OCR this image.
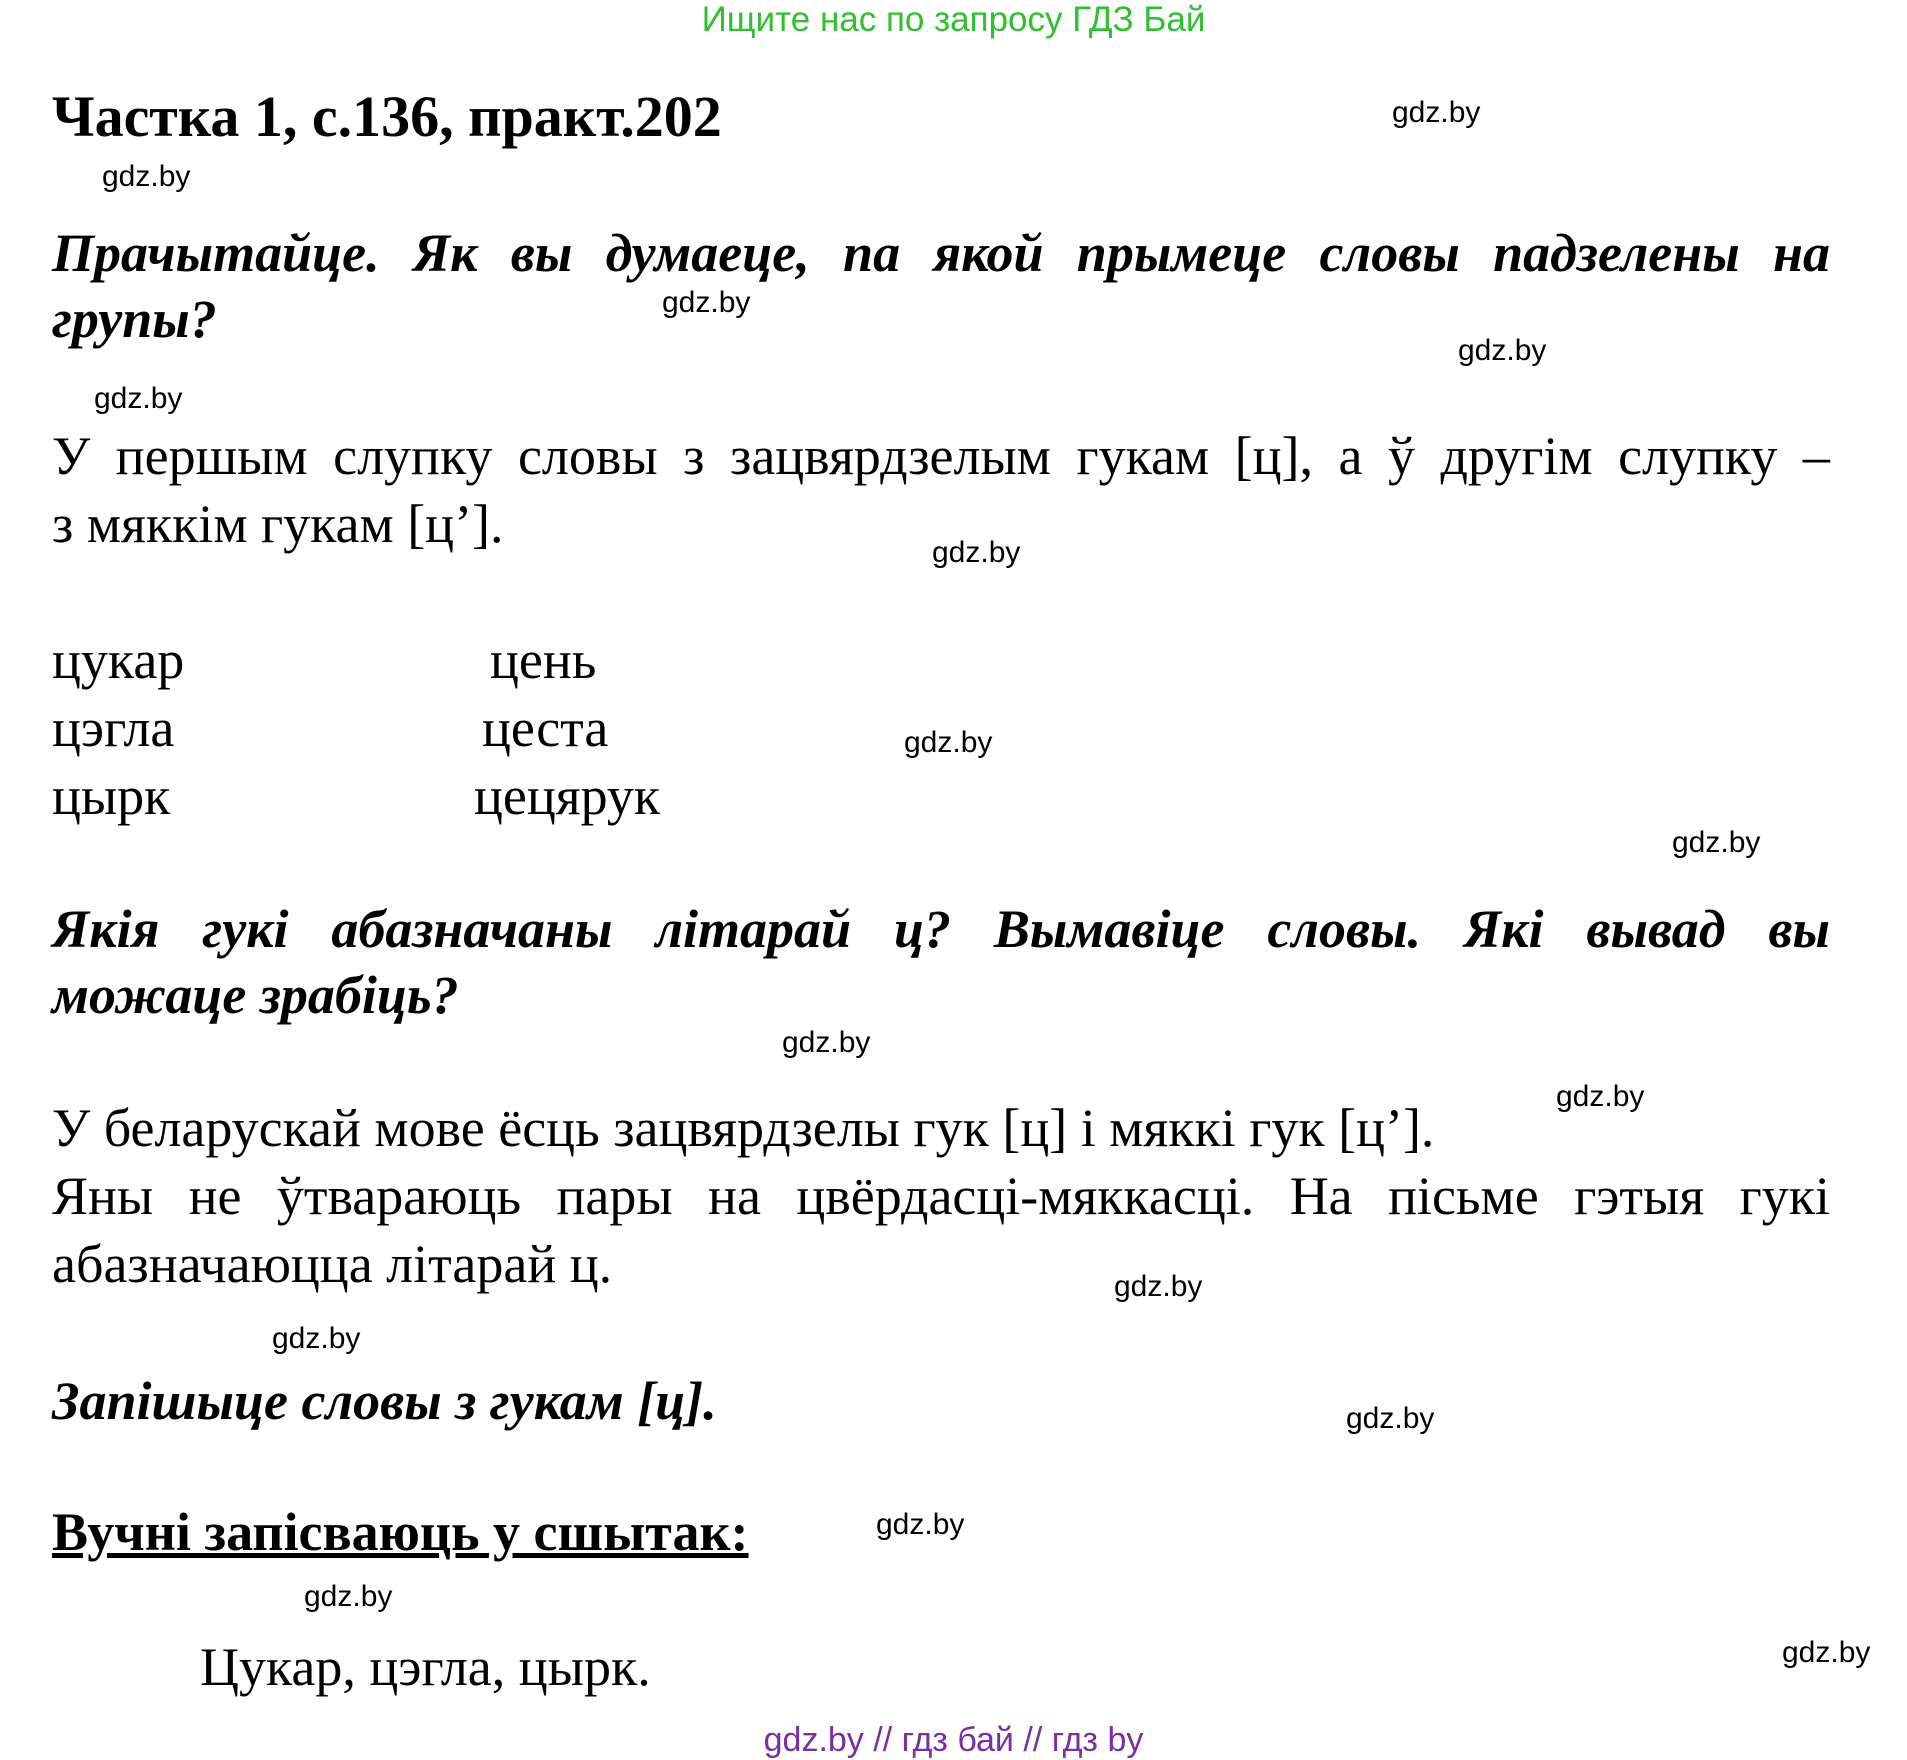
Ищите нас по запросу ГДЗ Бай
Частка 1, с.136, практ.202
Прачытайце. Як вы думаеце, па якой прымеце словы падзелены на
групы?
У першым слупку словы з зацвярдзелым гукам [ц], а ў другім слупку –
з мяккім гукам [ц’].
цукар
цэгла
цырк
цень
цеста
цецярук
Якія гукі абазначаны літарай ц? Вымавіце словы. Які вывад вы
можаце зрабіць?
У беларускай мове ёсць зацвярдзелы гук [ц] і мяккі гук [ц’].
Яны не ўтвараюць пары на цвёрдасці-мяккасці. На пісьме гэтыя гукі
абазначаюцца літарай ц.
Запішыце словы з гукам [ц].
Вучні запісваюць у сшытак:
Цукар, цэгла, цырк.
gdz.by
gdz.by
gdz.by
gdz.by
gdz.by
gdz.by
gdz.by
gdz.by
gdz.by
gdz.by
gdz.by
gdz.by
gdz.by
gdz.by
gdz.by
gdz.by
gdz.by // гдз бай // гдз by
